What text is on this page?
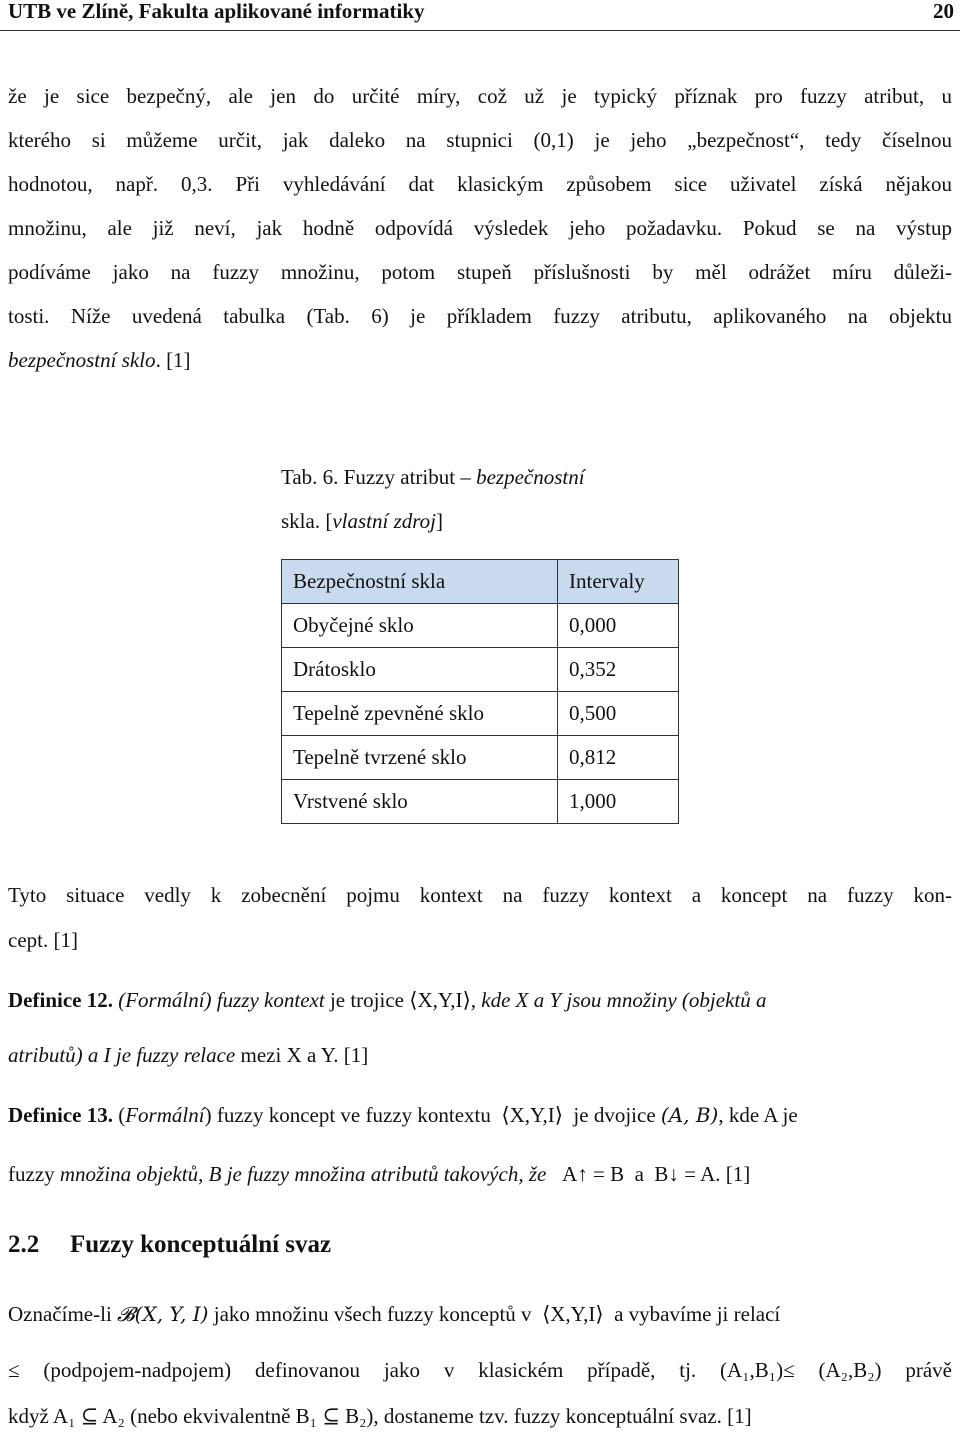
UTB ve Zlíně, Fakulta aplikované informatiky	20
že je sice bezpečný, ale jen do určité míry, což už je typický příznak pro fuzzy atribut, u
kterého si můžeme určit, jak daleko na stupnici (0,1) je jeho „bezpečnost“, tedy číselnou
hodnotou, např. 0,3. Při vyhledávání dat klasickým způsobem sice uživatel získá nějakou
množinu, ale již neví, jak hodně odpovídá výsledek jeho požadavku. Pokud se na výstup
podíváme jako na fuzzy množinu, potom stupeň příslušnosti by měl odrážet míru důleži-
tosti. Níže uvedená tabulka (Tab. 6) je příkladem fuzzy atributu, aplikovaného na objektu
bezpečnostní sklo. [1]
Tab. 6. Fuzzy atribut – bezpečnostní
skla. [vlastní zdroj]
Bezpečnostní skla	Intervaly
Obyčejné sklo	0,000
Drátosklo	0,352
Tepelně zpevněné sklo	0,500
Tepelně tvrzené sklo	0,812
Vrstvené sklo	1,000
Tyto situace vedly k zobecnění pojmu kontext na fuzzy kontext a koncept na fuzzy kon-
cept. [1]
Definice 12. (Formální) fuzzy kontext je trojice ⟨X,Y,I⟩, kde X a Y jsou množiny (objektů a
atributů) a I je fuzzy relace mezi X a Y. [1]
Definice 13. (Formální) fuzzy koncept ve fuzzy kontextu ⟨X,Y,I⟩ je dvojice (A, B), kde A je
fuzzy množina objektů, B je fuzzy množina atributů takových, že A↑ = B a B↓ = A. [1]
2.2 Fuzzy konceptuální svaz
Označíme-li 𝓑(X, Y, I) jako množinu všech fuzzy konceptů v ⟨X,Y,I⟩ a vybavíme ji relací
≤ (podpojem-nadpojem) definovanou jako v klasickém případě, tj. (A₁,B₁)≤ (A₂,B₂) právě
když A₁ ⊆ A₂ (nebo ekvivalentně B₁ ⊆ B₂), dostaneme tzv. fuzzy konceptuální svaz. [1]
